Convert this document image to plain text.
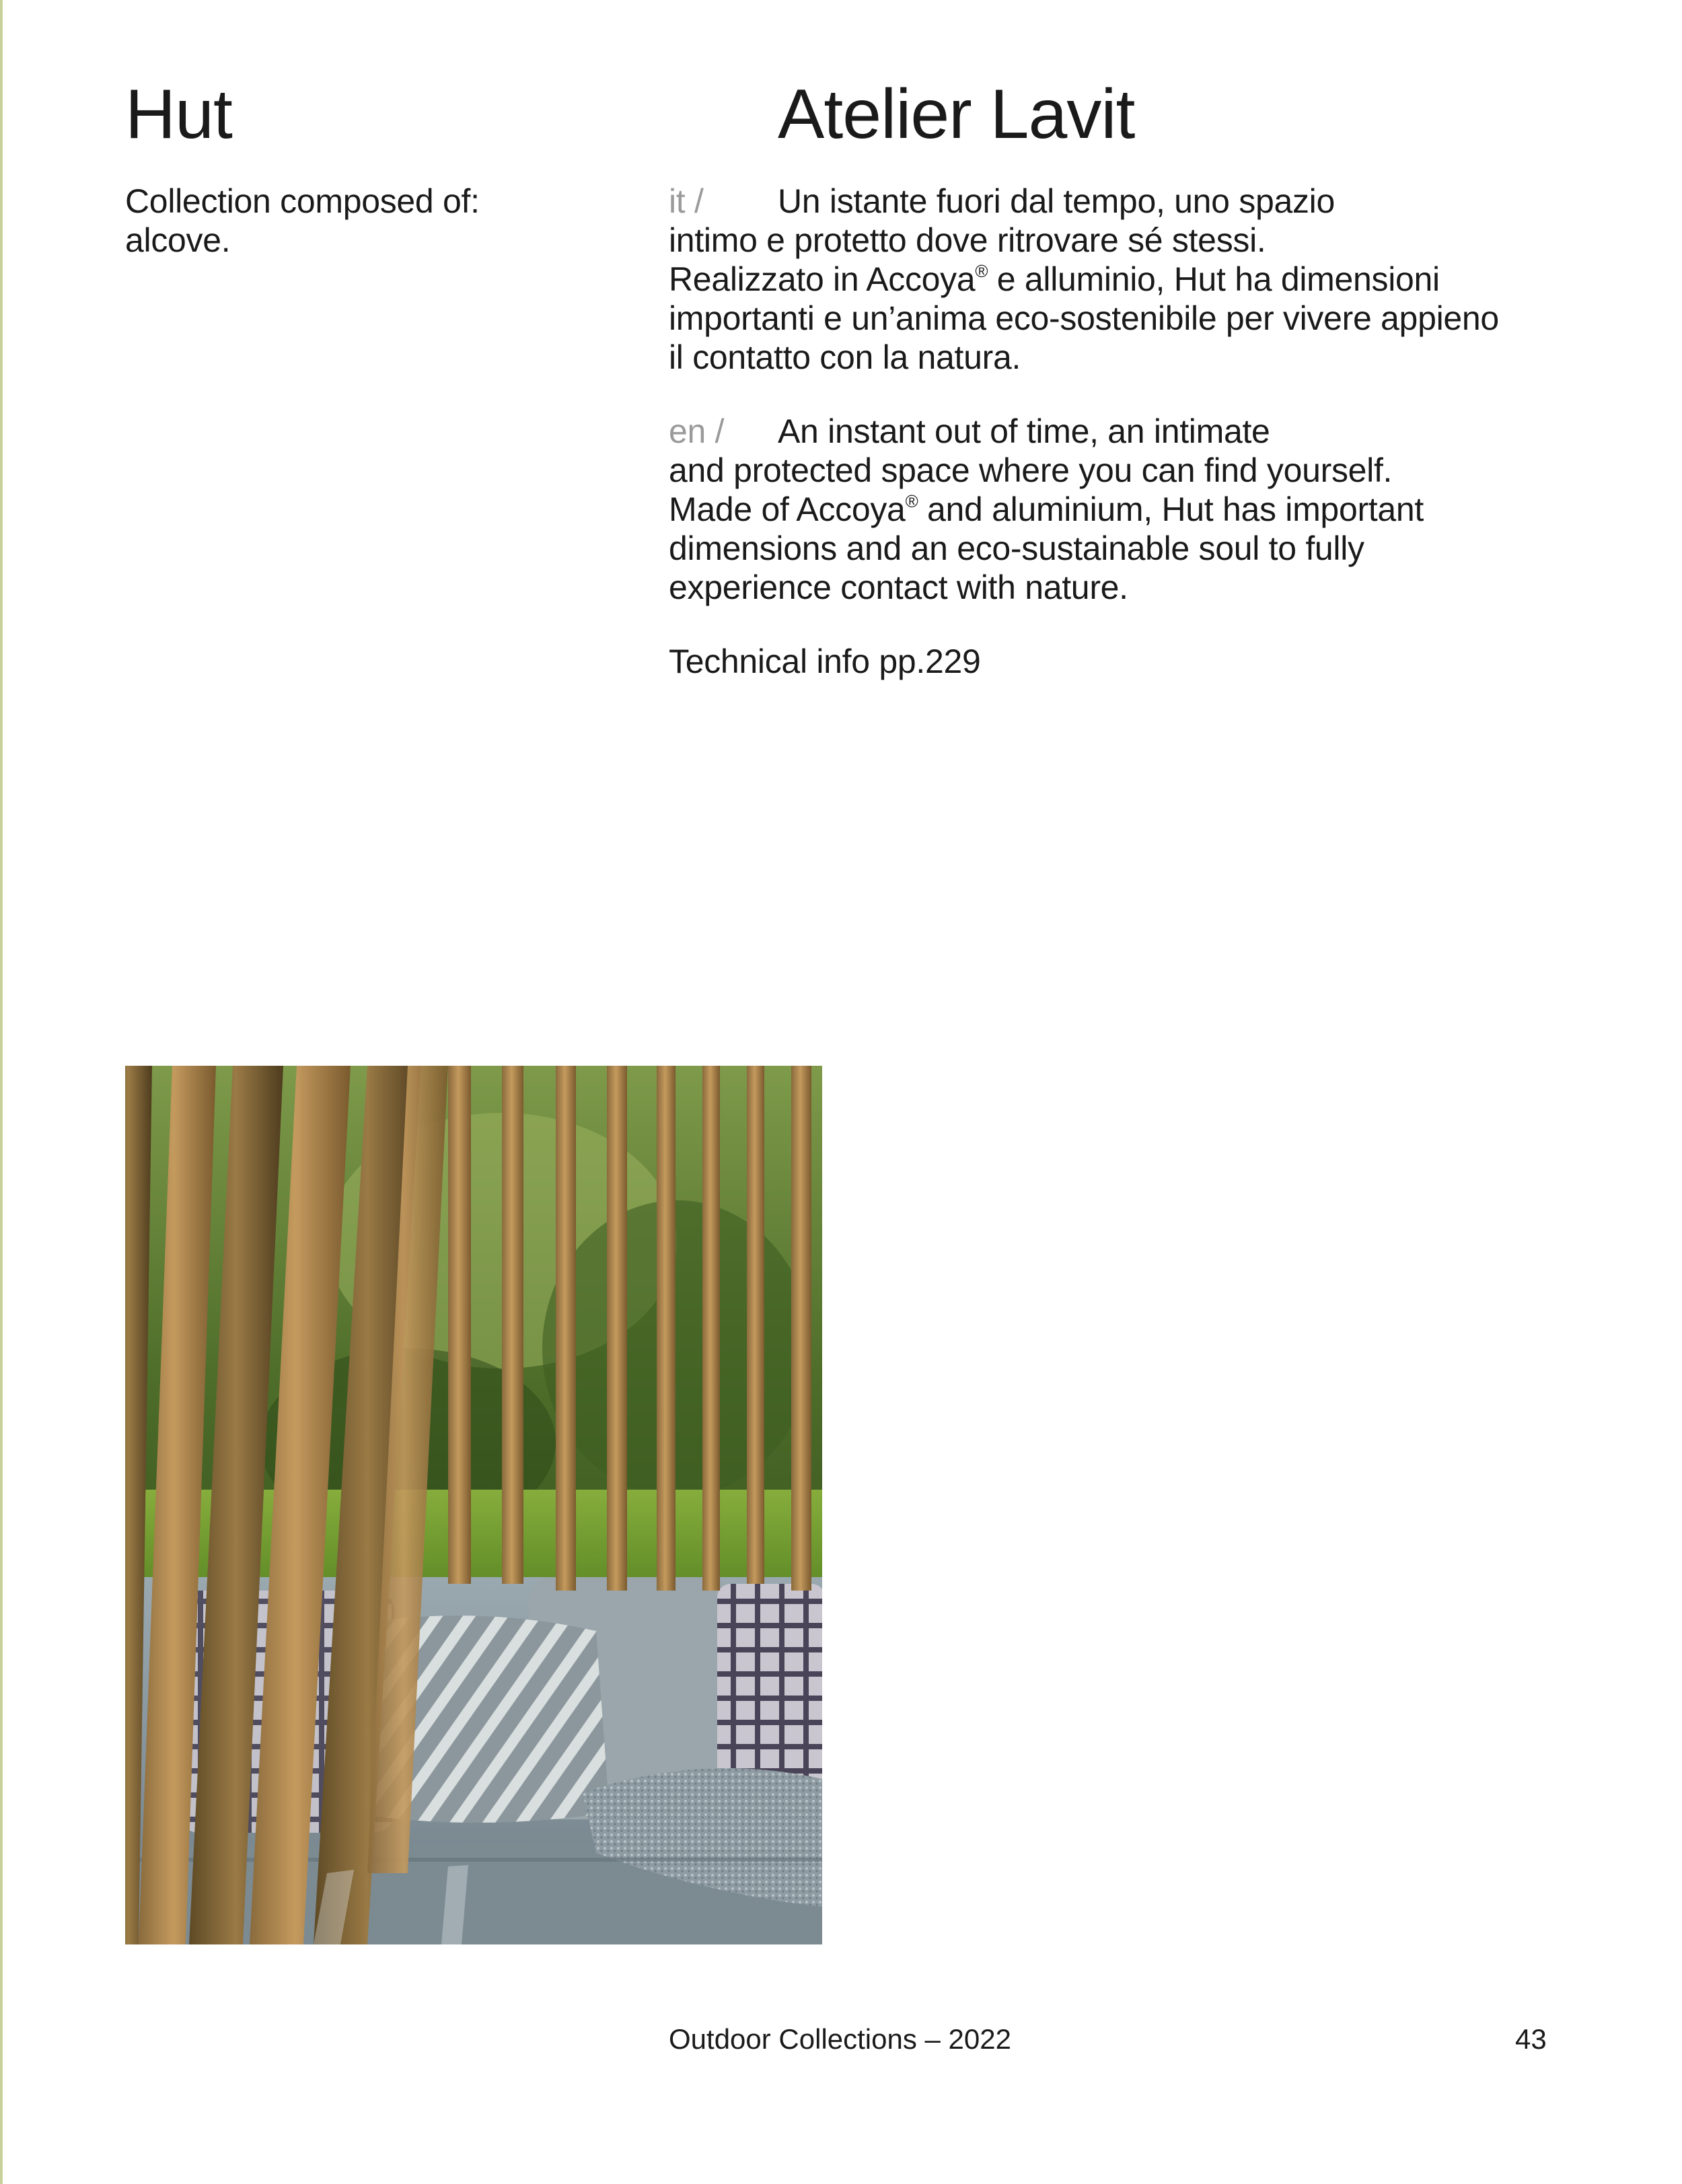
Hut	Atelier Lavit
Collection composed of:
alcove.
it / Un istante fuori dal tempo, uno spazio
intimo e protetto dove ritrovare sé stessi.
Realizzato in Accoya® e alluminio, Hut ha dimensioni
importanti e un’anima eco-sostenibile per vivere appieno
il contatto con la natura.
en / An instant out of time, an intimate
and protected space where you can find yourself.
Made of Accoya® and aluminium, Hut has important
dimensions and an eco-sustainable soul to fully
experience contact with nature.
Technical info pp.229
Outdoor Collections – 2022	43
